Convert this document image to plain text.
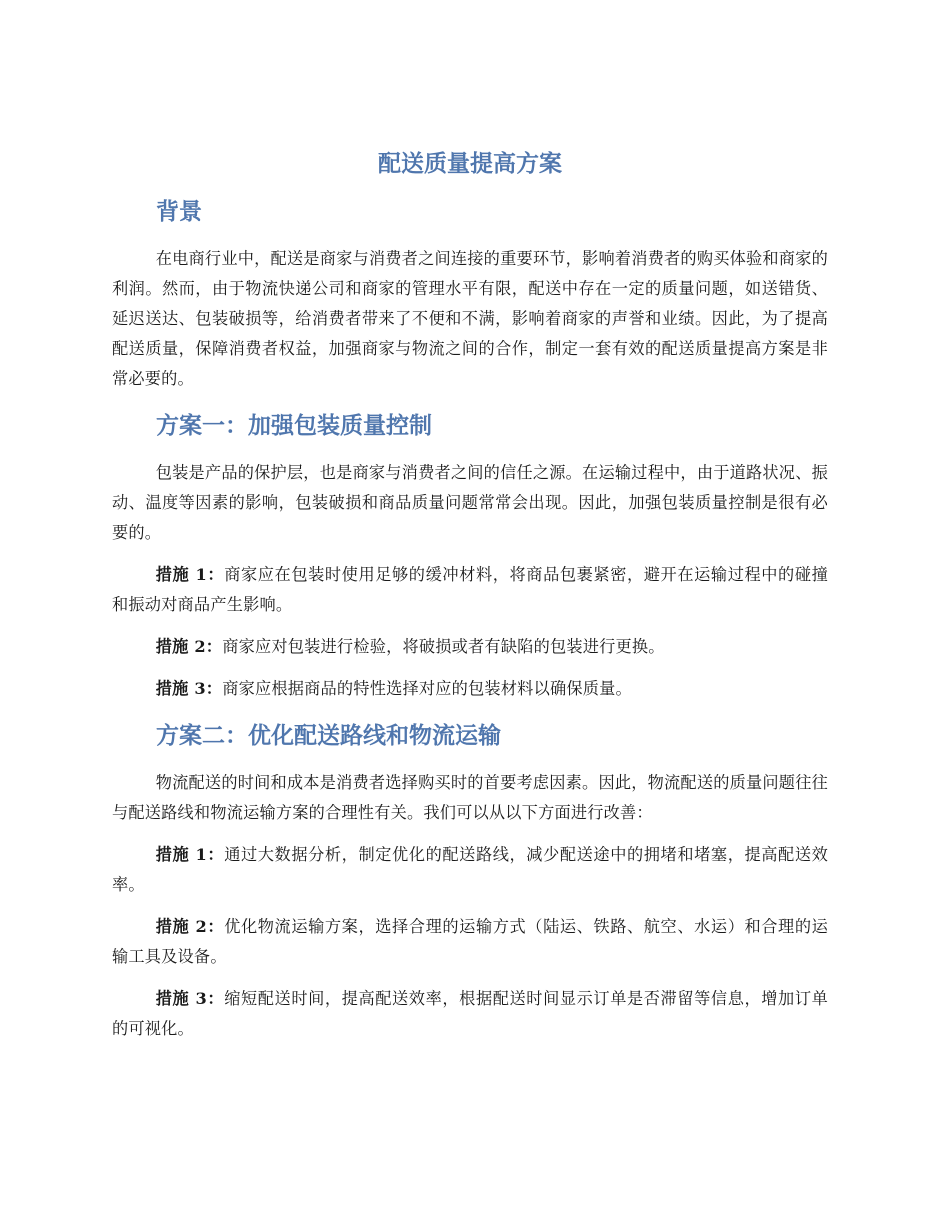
配送质量提高方案
背景

在电商行业中，配送是商家与消费者之间连接的重要环节，影响着消费者的购买体验和商家的利润。然而，由于物流快递公司和商家的管理水平有限，配送中存在一定的质量问题，如送错货、延迟送达、包装破损等，给消费者带来了不便和不满，影响着商家的声誉和业绩。因此，为了提高配送质量，保障消费者权益，加强商家与物流之间的合作，制定一套有效的配送质量提高方案是非常必要的。

方案一：加强包装质量控制

包装是产品的保护层，也是商家与消费者之间的信任之源。在运输过程中，由于道路状况、振动、温度等因素的影响，包装破损和商品质量问题常常会出现。因此，加强包装质量控制是很有必要的。

措施 1：商家应在包装时使用足够的缓冲材料，将商品包裹紧密，避开在运输过程中的碰撞和振动对商品产生影响。

措施 2：商家应对包装进行检验，将破损或者有缺陷的包装进行更换。

措施 3：商家应根据商品的特性选择对应的包装材料以确保质量。

方案二：优化配送路线和物流运输

物流配送的时间和成本是消费者选择购买时的首要考虑因素。因此，物流配送的质量问题往往与配送路线和物流运输方案的合理性有关。我们可以从以下方面进行改善：

措施 1：通过大数据分析，制定优化的配送路线，减少配送途中的拥堵和堵塞，提高配送效率。

措施 2：优化物流运输方案，选择合理的运输方式（陆运、铁路、航空、水运）和合理的运输工具及设备。

措施 3：缩短配送时间，提高配送效率，根据配送时间显示订单是否滞留等信息，增加订单的可视化。
